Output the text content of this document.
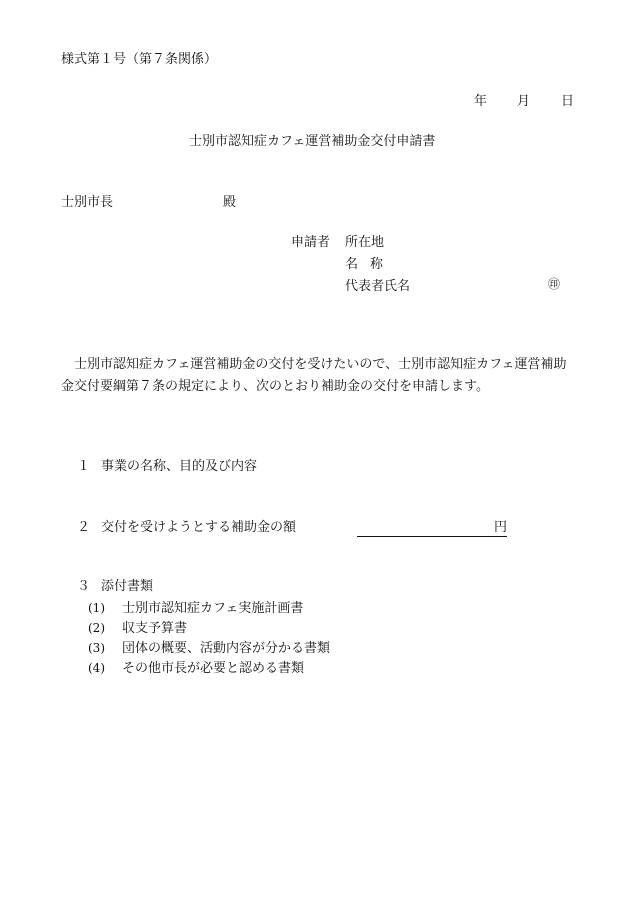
様式第１号（第７条関係）
年 月 日
士別市認知症カフェ運営補助金交付申請書
士別市長	殿
申請者 所在地
名称
代表者氏名	㊞
士別市認知症カフェ運営補助金の交付を受けたいので、士別市認知症カフェ運営補助金交付要綱第７条の規定により、次のとおり補助金の交付を申請します。
１ 事業の名称、目的及び内容
２ 交付を受けようとする補助金の額	円
３ 添付書類
(1) 士別市認知症カフェ実施計画書
(2) 収支予算書
(3) 団体の概要、活動内容が分かる書類
(4) その他市長が必要と認める書類
